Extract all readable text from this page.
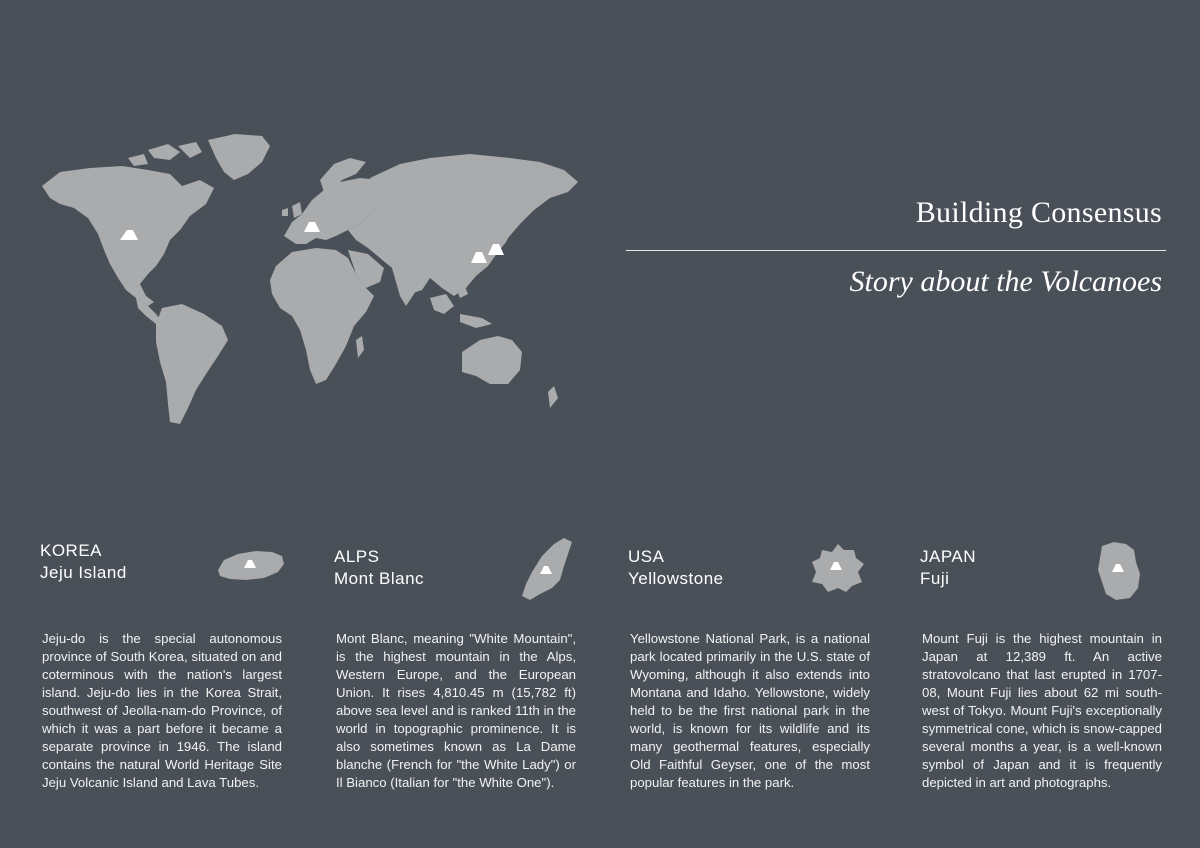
Building Consensus
Story about the Volcanoes
KOREA
Jeju Island
Jeju-do is the special autonomous province of South Korea, situated on and coterminous with the nation's largest island. Jeju-do lies in the Korea Strait, southwest of Jeolla-nam-do Province, of which it was a part before it became a separate province in 1946. The island contains the natural World Heritage Site Jeju Volcanic Island and Lava Tubes.
ALPS
Mont Blanc
Mont Blanc, meaning "White Mountain", is the highest mountain in the Alps, Western Europe, and the European Union. It rises 4,810.45 m (15,782 ft) above sea level and is ranked 11th in the world in topographic prominence. It is also sometimes known as La Dame blanche (French for "the White Lady") or Il Bianco (Italian for "the White One").
USA
Yellowstone
Yellowstone National Park, is a national park located primarily in the U.S. state of Wyoming, although it also extends into Montana and Idaho. Yellowstone, widely held to be the first national park in the world, is known for its wildlife and its many geothermal features, especially Old Faithful Geyser, one of the most popular features in the park.
JAPAN
Fuji
Mount Fuji is the highest mountain in Japan at 12,389 ft. An active stratovolcano that last erupted in 1707-08, Mount Fuji lies about 62 mi south-west of Tokyo. Mount Fuji's exceptionally symmetrical cone, which is snow-capped several months a year, is a well-known symbol of Japan and it is frequently depicted in art and photographs.
